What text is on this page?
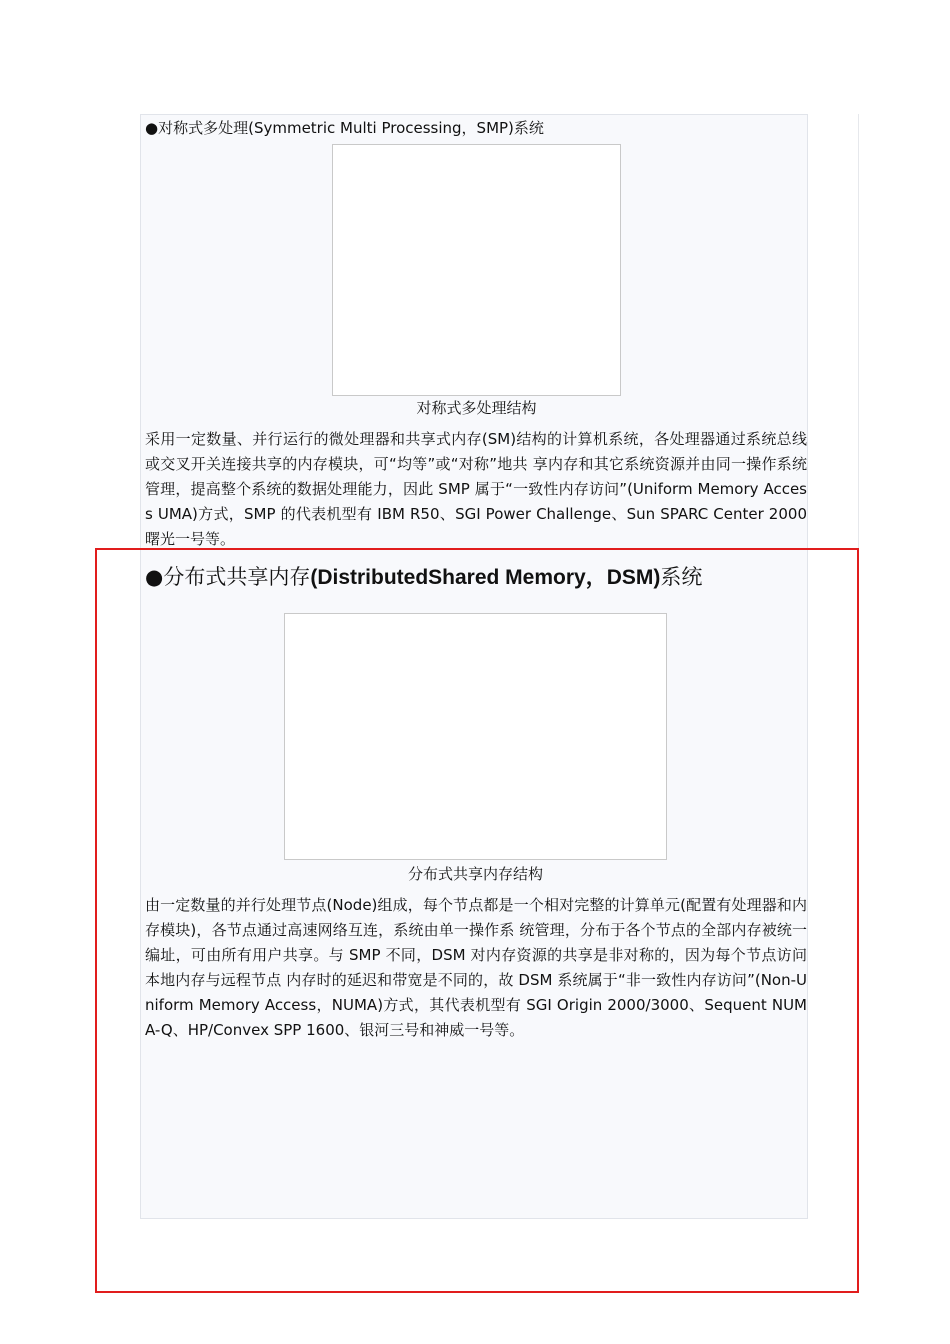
●对称式多处理(Symmetric Multi Processing，SMP)系统
对称式多处理结构
采用一定数量、并行运行的微处理器和共享式内存(SM)结构的计算机系统，各处理器通过系统总线或交叉开关连接共享的内存模块，可“均等”或“对称”地共 享内存和其它系统资源并由同一操作系统管理，提高整个系统的数据处理能力，因此 SMP 属于“一致性内存访问”(Uniform Memory Access UMA)方式，SMP 的代表机型有 IBM R50、SGI Power Challenge、Sun SPARC Center 2000 曙光一号等。
●分布式共享内存(DistributedShared Memory，DSM)系统
分布式共享内存结构
由一定数量的并行处理节点(Node)组成，每个节点都是一个相对完整的计算单元(配置有处理器和内存模块)，各节点通过高速网络互连，系统由单一操作系 统管理，分布于各个节点的全部内存被统一编址，可由所有用户共享。与 SMP 不同，DSM 对内存资源的共享是非对称的，因为每个节点访问本地内存与远程节点 内存时的延迟和带宽是不同的，故 DSM 系统属于“非一致性内存访问”(Non-Uniform Memory Access，NUMA)方式，其代表机型有 SGI Origin 2000/3000、Sequent NUMA-Q、HP/Convex SPP 1600、银河三号和神威一号等。
